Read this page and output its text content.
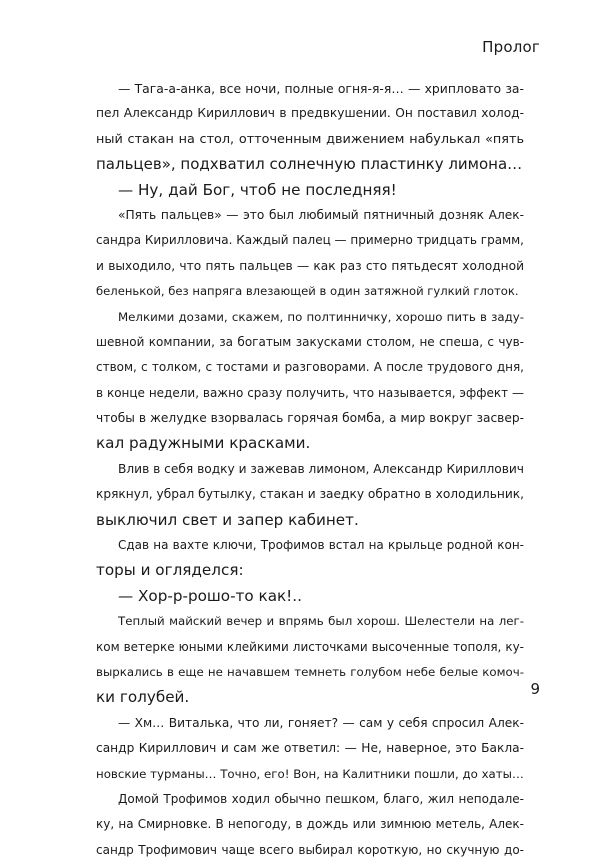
Пролог
— Тага-а-анка, все ночи, полные огня-я-я… — хрипловато за-
пел Александр Кириллович в предвкушении. Он поставил холод-
ный стакан на стол, отточенным движением набулькал «пять
пальцев», подхватил солнечную пластинку лимона…
— Ну, дай Бог, чтоб не последняя!
«Пять пальцев» — это был любимый пятничный дозняк Алек-
сандра Кирилловича. Каждый палец — примерно тридцать грамм,
и выходило, что пять пальцев — как раз сто пятьдесят холодной
беленькой, без напряга влезающей в один затяжной гулкий глоток.
Мелкими дозами, скажем, по полтинничку, хорошо пить в заду-
шевной компании, за богатым закусками столом, не спеша, с чув-
ством, с толком, с тостами и разговорами. А после трудового дня,
в конце недели, важно сразу получить, что называется, эффект —
чтобы в желудке взорвалась горячая бомба, а мир вокруг засвер-
кал радужными красками.
Влив в себя водку и зажевав лимоном, Александр Кириллович
крякнул, убрал бутылку, стакан и заедку обратно в холодильник,
выключил свет и запер кабинет.
Сдав на вахте ключи, Трофимов встал на крыльце родной кон-
торы и огляделся:
— Хор-р-рошо-то как!..
Теплый майский вечер и впрямь был хорош. Шелестели на лег-
ком ветерке юными клейкими листочками высоченные тополя, ку-
выркались в еще не начавшем темнеть голубом небе белые комоч-
ки голубей.
— Хм… Виталька, что ли, гоняет? — сам у себя спросил Алек-
сандр Кириллович и сам же ответил: — Не, наверное, это Бакла-
новские турманы… Точно, его! Вон, на Калитники пошли, до хаты…
Домой Трофимов ходил обычно пешком, благо, жил неподалe-
ку, на Смирновке. В непогоду, в дождь или зимнюю метель, Алек-
сандр Трофимович чаще всего выбирал короткую, но скучную до-
9
